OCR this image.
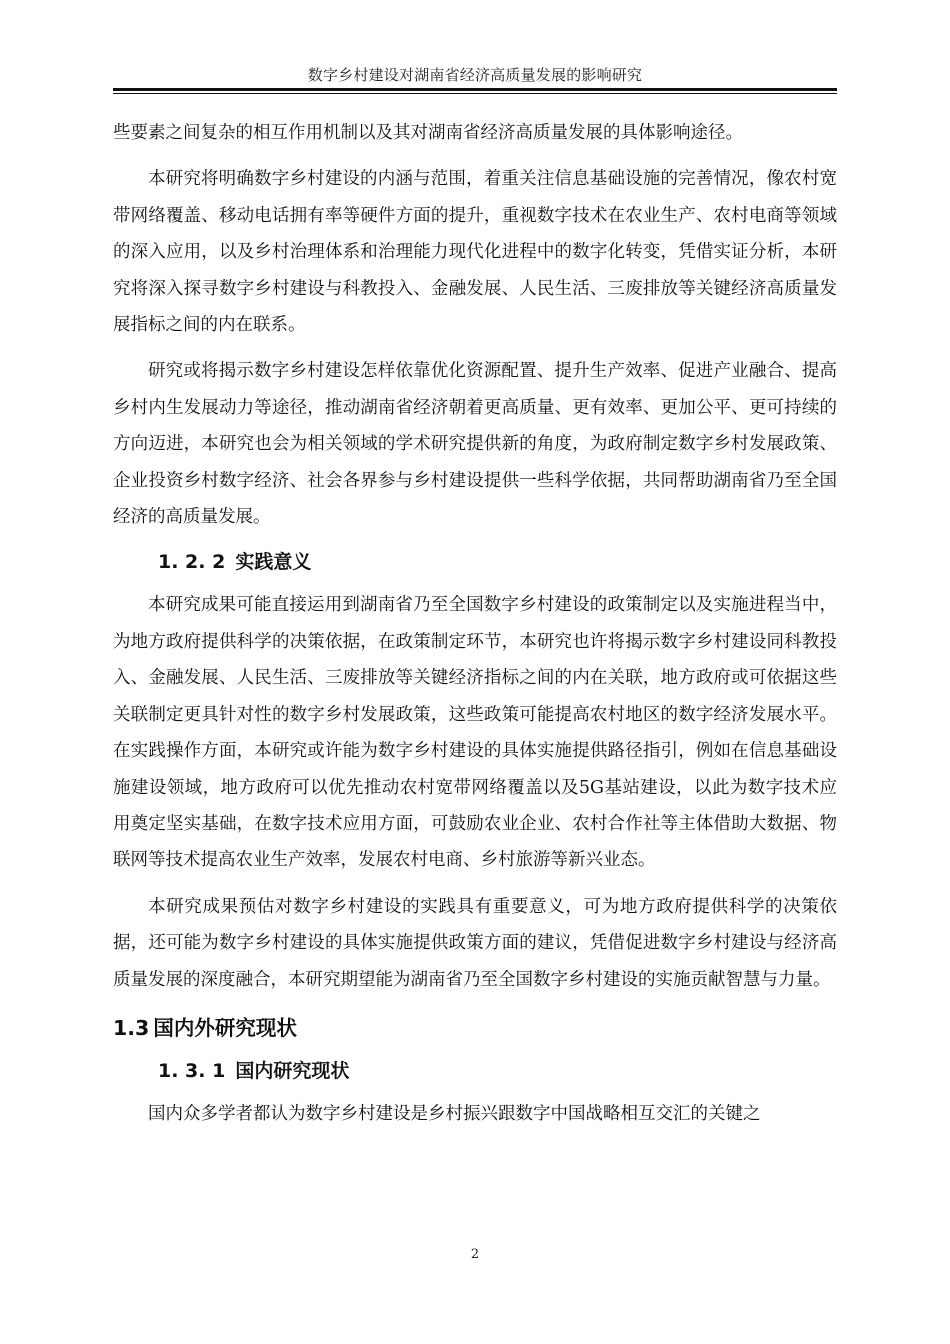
数字乡村建设对湖南省经济高质量发展的影响研究

些要素之间复杂的相互作用机制以及其对湖南省经济高质量发展的具体影响途径。

本研究将明确数字乡村建设的内涵与范围，着重关注信息基础设施的完善情况，像农村宽带网络覆盖、移动电话拥有率等硬件方面的提升，重视数字技术在农业生产、农村电商等领域的深入应用，以及乡村治理体系和治理能力现代化进程中的数字化转变，凭借实证分析，本研究将深入探寻数字乡村建设与科教投入、金融发展、人民生活、三废排放等关键经济高质量发展指标之间的内在联系。

研究或将揭示数字乡村建设怎样依靠优化资源配置、提升生产效率、促进产业融合、提高乡村内生发展动力等途径，推动湖南省经济朝着更高质量、更有效率、更加公平、更可持续的方向迈进，本研究也会为相关领域的学术研究提供新的角度，为政府制定数字乡村发展政策、企业投资乡村数字经济、社会各界参与乡村建设提供一些科学依据，共同帮助湖南省乃至全国经济的高质量发展。

1. 2. 2 实践意义

本研究成果可能直接运用到湖南省乃至全国数字乡村建设的政策制定以及实施进程当中，为地方政府提供科学的决策依据，在政策制定环节，本研究也许将揭示数字乡村建设同科教投入、金融发展、人民生活、三废排放等关键经济指标之间的内在关联，地方政府或可依据这些关联制定更具针对性的数字乡村发展政策，这些政策可能提高农村地区的数字经济发展水平。在实践操作方面，本研究或许能为数字乡村建设的具体实施提供路径指引，例如在信息基础设施建设领域，地方政府可以优先推动农村宽带网络覆盖以及5G基站建设，以此为数字技术应用奠定坚实基础，在数字技术应用方面，可鼓励农业企业、农村合作社等主体借助大数据、物联网等技术提高农业生产效率，发展农村电商、乡村旅游等新兴业态。

本研究成果预估对数字乡村建设的实践具有重要意义，可为地方政府提供科学的决策依据，还可能为数字乡村建设的具体实施提供政策方面的建议，凭借促进数字乡村建设与经济高质量发展的深度融合，本研究期望能为湖南省乃至全国数字乡村建设的实施贡献智慧与力量。

1.3 国内外研究现状
1. 3. 1 国内研究现状

国内众多学者都认为数字乡村建设是乡村振兴跟数字中国战略相互交汇的关键之

2
